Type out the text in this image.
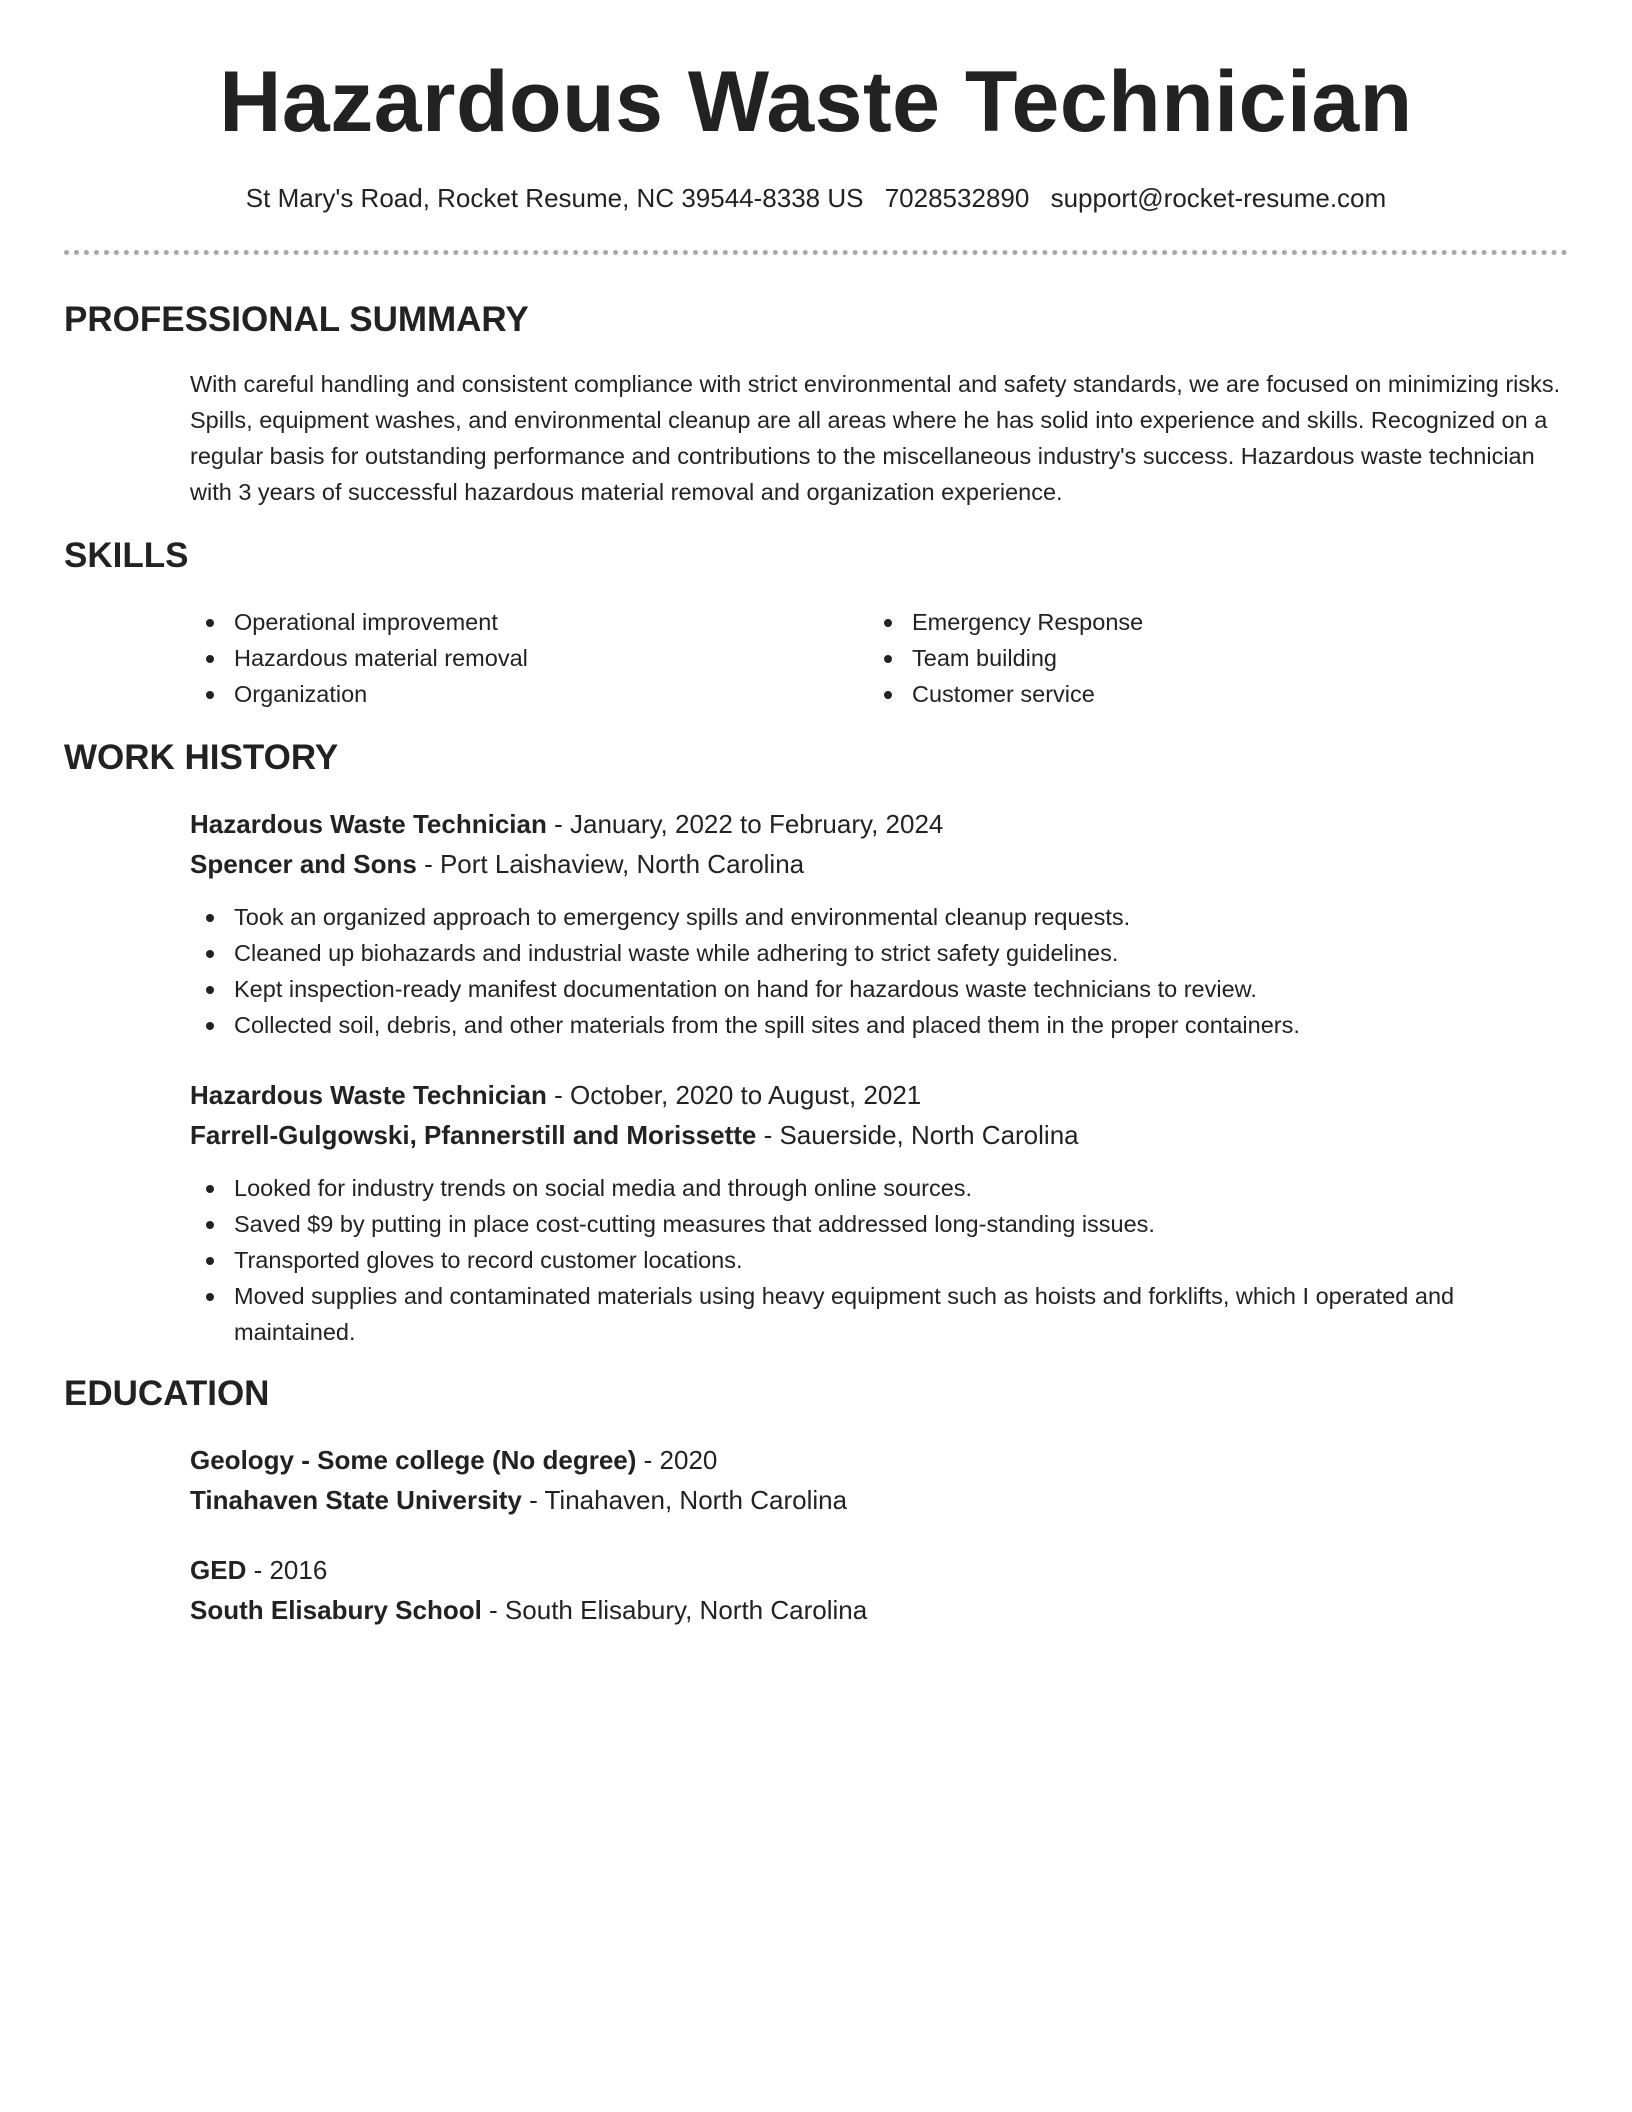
Hazardous Waste Technician
St Mary's Road, Rocket Resume, NC 39544-8338 US 7028532890 support@rocket-resume.com
PROFESSIONAL SUMMARY

With careful handling and consistent compliance with strict environmental and safety standards, we are focused on minimizing risks. Spills, equipment washes, and environmental cleanup are all areas where he has solid into experience and skills. Recognized on a regular basis for outstanding performance and contributions to the miscellaneous industry's success. Hazardous waste technician with 3 years of successful hazardous material removal and organization experience.

SKILLS
Operational improvement
Hazardous material removal
Organization
Emergency Response
Team building
Customer service
WORK HISTORY
Hazardous Waste Technician - January, 2022 to February, 2024
Spencer and Sons - Port Laishaview, North Carolina
Took an organized approach to emergency spills and environmental cleanup requests.
Cleaned up biohazards and industrial waste while adhering to strict safety guidelines.
Kept inspection-ready manifest documentation on hand for hazardous waste technicians to review.
Collected soil, debris, and other materials from the spill sites and placed them in the proper containers.
Hazardous Waste Technician - October, 2020 to August, 2021
Farrell-Gulgowski, Pfannerstill and Morissette - Sauerside, North Carolina
Looked for industry trends on social media and through online sources.
Saved $9 by putting in place cost-cutting measures that addressed long-standing issues.
Transported gloves to record customer locations.
Moved supplies and contaminated materials using heavy equipment such as hoists and forklifts, which I operated and maintained.
EDUCATION
Geology - Some college (No degree) - 2020
Tinahaven State University - Tinahaven, North Carolina
GED - 2016
South Elisabury School - South Elisabury, North Carolina
